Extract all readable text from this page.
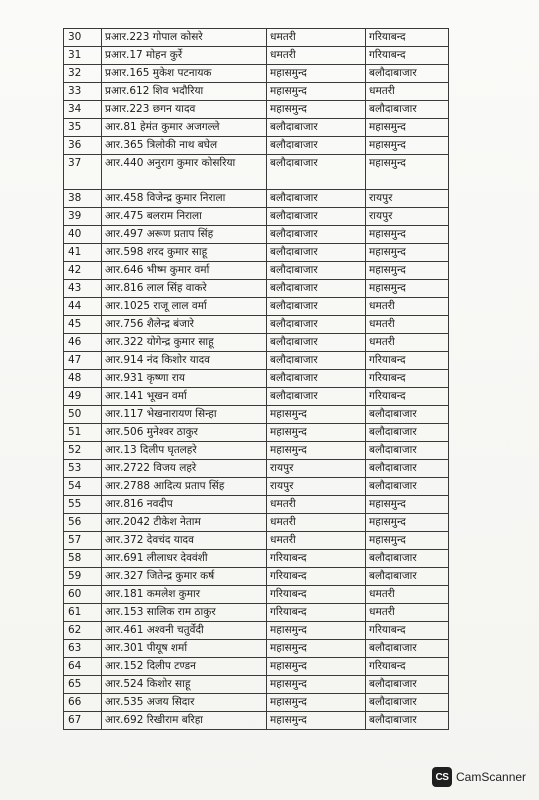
30	प्रआर.223 गोपाल कोसरे	धमतरी	गरियाबन्द
31	प्रआर.17 मोहन कुर्रे	धमतरी	गरियाबन्द
32	प्रआर.165 मुकेश पटनायक	महासमुन्द	बलौदाबाजार
33	प्रआर.612 शिव भदौरिया	महासमुन्द	धमतरी
34	प्रआर.223 छगन यादव	महासमुन्द	बलौदाबाजार
35	आर.81 हेमंत कुमार अजगल्ले	बलौदाबाजार	महासमुन्द
36	आर.365 त्रिलोकी नाथ बघेल	बलौदाबाजार	महासमुन्द
37	आर.440 अनुराग कुमार कोसरिया	बलौदाबाजार	महासमुन्द
38	आर.458 विजेन्द्र कुमार निराला	बलौदाबाजार	रायपुर
39	आर.475 बलराम निराला	बलौदाबाजार	रायपुर
40	आर.497 अरूण प्रताप सिंह	बलौदाबाजार	महासमुन्द
41	आर.598 शरद कुमार साहू	बलौदाबाजार	महासमुन्द
42	आर.646 भीष्म कुमार वर्मा	बलौदाबाजार	महासमुन्द
43	आर.816 लाल सिंह वाकरे	बलौदाबाजार	महासमुन्द
44	आर.1025 राजू लाल वर्मा	बलौदाबाजार	धमतरी
45	आर.756 शैलेन्द्र बंजारे	बलौदाबाजार	धमतरी
46	आर.322 योगेन्द्र कुमार साहू	बलौदाबाजार	धमतरी
47	आर.914 नंद किशोर यादव	बलौदाबाजार	गरियाबन्द
48	आर.931 कृष्णा राय	बलौदाबाजार	गरियाबन्द
49	आर.141 भूखन वर्मा	बलौदाबाजार	गरियाबन्द
50	आर.117 भेखनारायण सिन्हा	महासमुन्द	बलौदाबाजार
51	आर.506 मुनेश्वर ठाकुर	महासमुन्द	बलौदाबाजार
52	आर.13 दिलीप घृतलहरे	महासमुन्द	बलौदाबाजार
53	आर.2722 विजय लहरे	रायपुर	बलौदाबाजार
54	आर.2788 आदित्य प्रताप सिंह	रायपुर	बलौदाबाजार
55	आर.816 नवदीप	धमतरी	महासमुन्द
56	आर.2042 टीकेश नेताम	धमतरी	महासमुन्द
57	आर.372 देवचंद यादव	धमतरी	महासमुन्द
58	आर.691 लीलाधर देववंशी	गरियाबन्द	बलौदाबाजार
59	आर.327 जितेन्द्र कुमार कर्ष	गरियाबन्द	बलौदाबाजार
60	आर.181 कमलेश कुमार	गरियाबन्द	धमतरी
61	आर.153 सालिक राम ठाकुर	गरियाबन्द	धमतरी
62	आर.461 अश्वनी चतुर्वेदी	महासमुन्द	गरियाबन्द
63	आर.301 पीयूष शर्मा	महासमुन्द	बलौदाबाजार
64	आर.152 दिलीप टण्डन	महासमुन्द	गरियाबन्द
65	आर.524 किशोर साहू	महासमुन्द	बलौदाबाजार
66	आर.535 अजय सिदार	महासमुन्द	बलौदाबाजार
67	आर.692 रिखीराम बरिहा	महासमुन्द	बलौदाबाजार
CS CamScanner
